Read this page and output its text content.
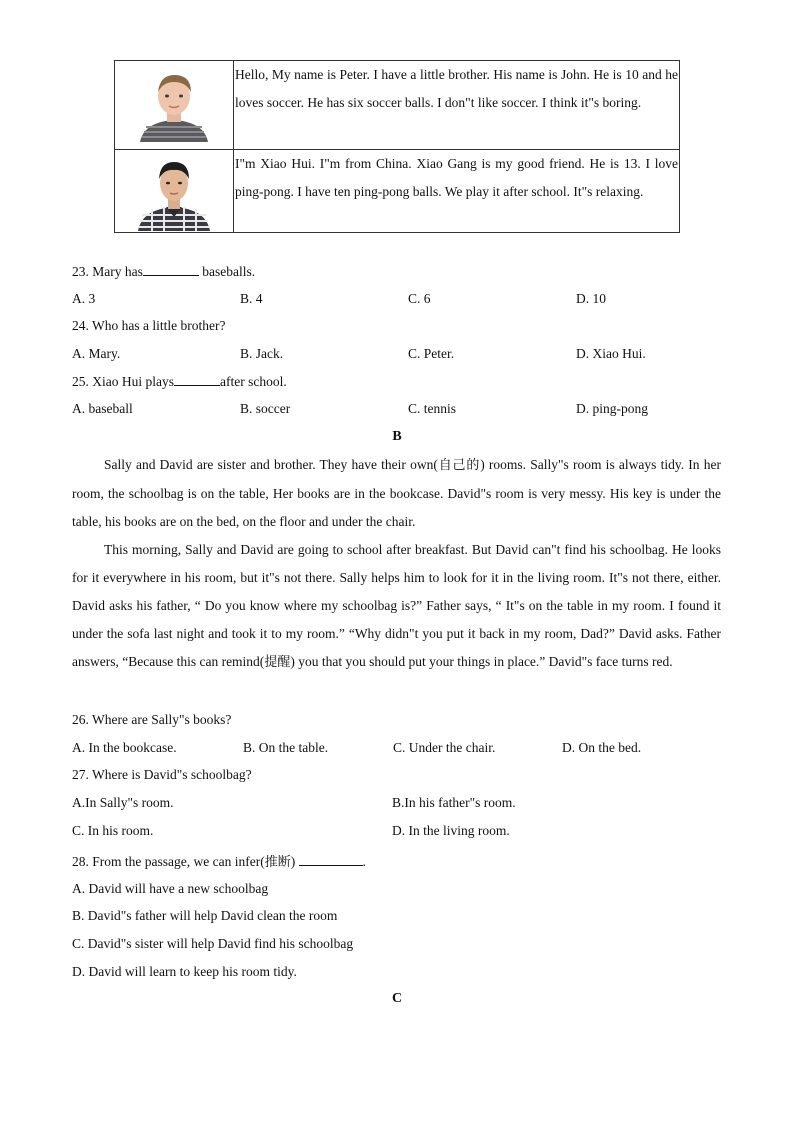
	Hello, My name is Peter. I have a little brother. His name is John. He is 10 and he loves soccer. He has six soccer balls. I don"t like soccer. I think it"s boring.

	I"m Xiao Hui. I"m from China. Xiao Gang is my good friend. He is 13. I love ping-pong. I have ten ping-pong balls. We play it after school. It"s relaxing.
23. Mary has	baseballs.
A. 3	B. 4	C. 6	D. 10
24. Who has a little brother?
A. Mary.	B. Jack.	C. Peter.	D. Xiao Hui.
25. Xiao Hui plays	after school.
A. baseball	B. soccer	C. tennis	D. ping-pong
B
Sally and David are sister and brother. They have their own(自己的) rooms. Sally"s room is always tidy. In her room, the schoolbag is on the table, Her books are in the bookcase. David"s room is very messy. His key is under the table, his books are on the bed, on the floor and under the chair.
This morning, Sally and David are going to school after breakfast. But David can"t find his schoolbag. He looks for it everywhere in his room, but it"s not there. Sally helps him to look for it in the living room. It"s not there, either. David asks his father, “ Do you know where my schoolbag is?” Father says, “ It"s on the table in my room. I found it under the sofa last night and took it to my room.” “Why didn"t you put it back in my room, Dad?” David asks. Father answers, “Because this can remind(提醒) you that you should put your things in place.” David"s face turns red.
26. Where are Sally"s books?
A. In the bookcase.	B. On the table.	C. Under the chair.	D. On the bed.
27. Where is David"s schoolbag?
A.In Sally"s room.	B.In his father"s room.
C. In his room.	D. In the living room.
28. From the passage, we can infer(推断)	.
A. David will have a new schoolbag
B. David"s father will help David clean the room
C. David"s sister will help David find his schoolbag
D. David will learn to keep his room tidy.
C
